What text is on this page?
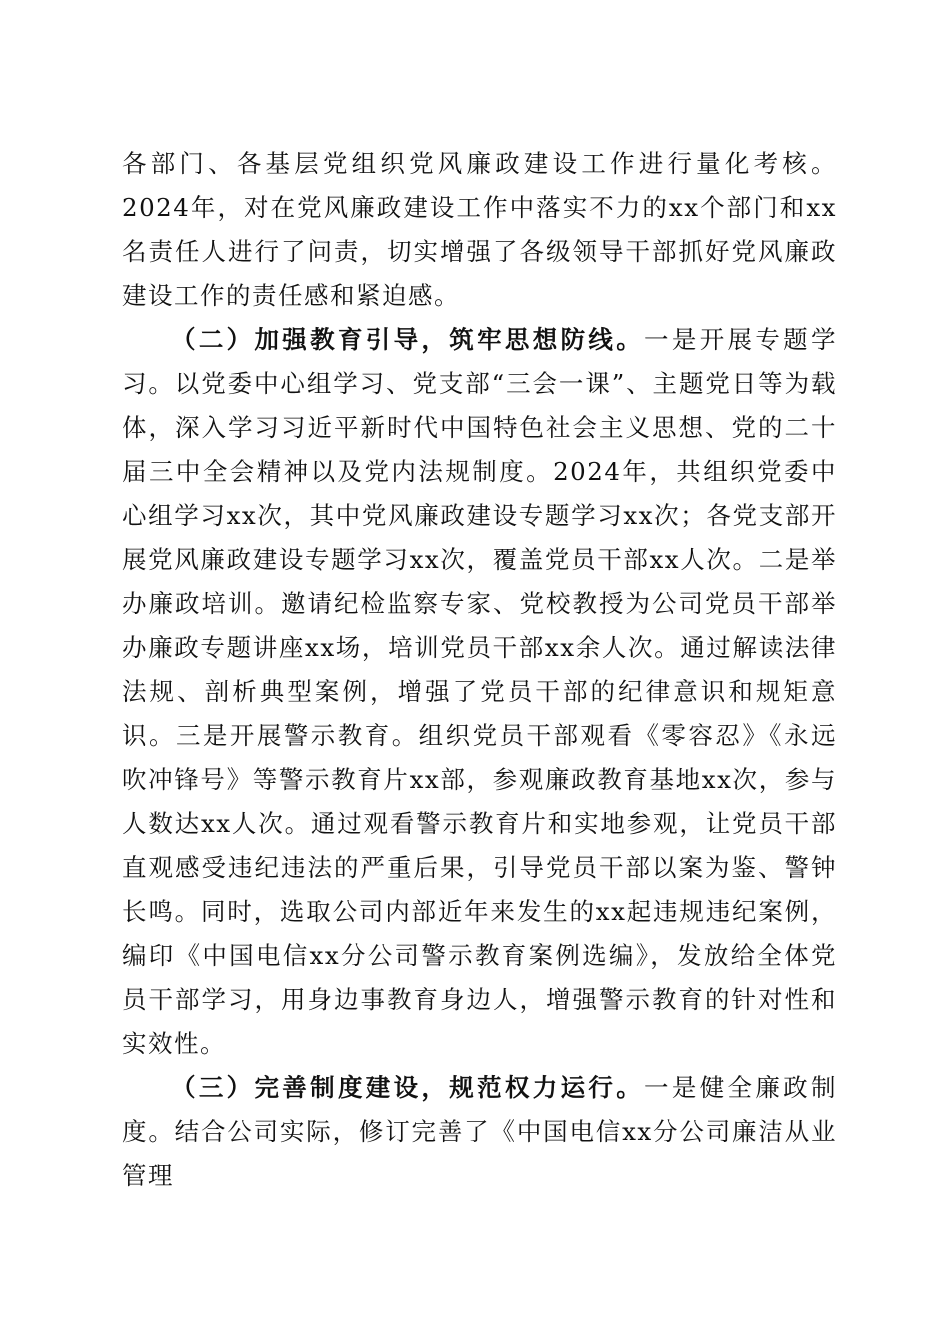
各部门、各基层党组织党风廉政建设工作进行量化考核。2024年，对在党风廉政建设工作中落实不力的xx个部门和xx名责任人进行了问责，切实增强了各级领导干部抓好党风廉政建设工作的责任感和紧迫感。

（二）加强教育引导，筑牢思想防线。一是开展专题学习。以党委中心组学习、党支部“三会一课”、主题党日等为载体，深入学习习近平新时代中国特色社会主义思想、党的二十届三中全会精神以及党内法规制度。2024年，共组织党委中心组学习xx次，其中党风廉政建设专题学习xx次；各党支部开展党风廉政建设专题学习xx次，覆盖党员干部xx人次。二是举办廉政培训。邀请纪检监察专家、党校教授为公司党员干部举办廉政专题讲座xx场，培训党员干部xx余人次。通过解读法律法规、剖析典型案例，增强了党员干部的纪律意识和规矩意识。三是开展警示教育。组织党员干部观看《零容忍》《永远吹冲锋号》等警示教育片xx部，参观廉政教育基地xx次，参与人数达xx人次。通过观看警示教育片和实地参观，让党员干部直观感受违纪违法的严重后果，引导党员干部以案为鉴、警钟长鸣。同时，选取公司内部近年来发生的xx起违规违纪案例，编印《中国电信xx分公司警示教育案例选编》，发放给全体党员干部学习，用身边事教育身边人，增强警示教育的针对性和实效性。

（三）完善制度建设，规范权力运行。一是健全廉政制度。结合公司实际，修订完善了《中国电信xx分公司廉洁从业管理
